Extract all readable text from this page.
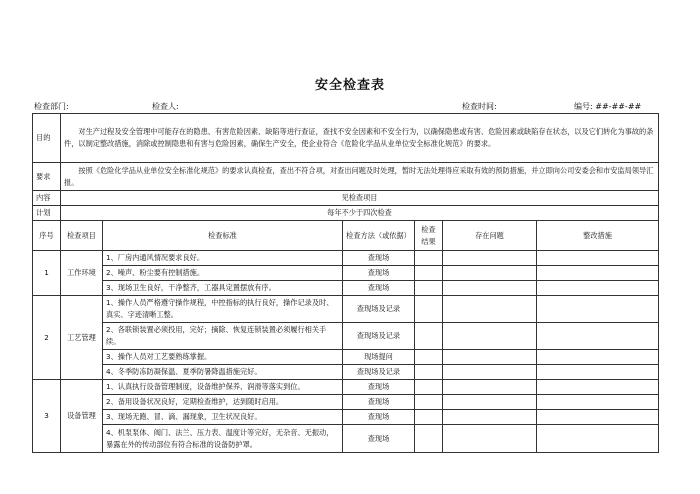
安全检查表
检查部门:	检查人:	检查时间:	编号: ##-##-##
目的	对生产过程及安全管理中可能存在的隐患、有害危险因素、缺陷等进行查证，查找不安全因素和不安全行为，以确保隐患或有害、危险因素或缺陷存在状态，以及它们转化为事故的条件，以制定整改措施，消除或控制隐患和有害与危险因素，确保生产安全，使企业符合《危险化学品从业单位安全标准化规范》的要求。					
要求	按照《危险化学品从业单位安全标准化规范》的要求认真检查，查出不符合项，对查出问题及时处理，暂时无法处理得应采取有效的预防措施，并立即向公司安委会和市安监局领导汇报。					
内容	见检查项目					
计划	每年不少于四次检查					
序号	检查项目	检查标准	检查方法（或依据）	检查结果	存在问题	整改措施
1	工作环境	1、厂房内通风情况要求良好。	查现场			
		2、噪声、粉尘要有控制措施。	查现场			
		3、现场卫生良好，干净整齐，工器具定置摆放有序。	查现场			
2	工艺管理	1、操作人员严格遵守操作规程，中控指标的执行良好，操作记录及时、真实、字迹清晰工整。	查现场及记录			
		2、各联锁装置必须投用，完好；摘除、恢复连锁装置必须履行相关手续。	查现场及记录			
		3、操作人员对工艺要熟练掌握。	现场提问			
		4、冬季防冻防凝保温、夏季防暑降温措施完好。	查现场及记录			
3	设备管理	1、认真执行设备管理制度，设备维护保养、润滑等落实到位。	查现场			
		2、备用设备状况良好，定期检查维护，达到随时启用。	查现场			
		3、现场无跑、冒、滴、漏现象，卫生状况良好。	查现场			
		4、机泵泵体、阀门、法兰、压力表、温度计等完好，无杂音、无振动，暴露在外的传动部位有符合标准的设备防护罩。	查现场			
